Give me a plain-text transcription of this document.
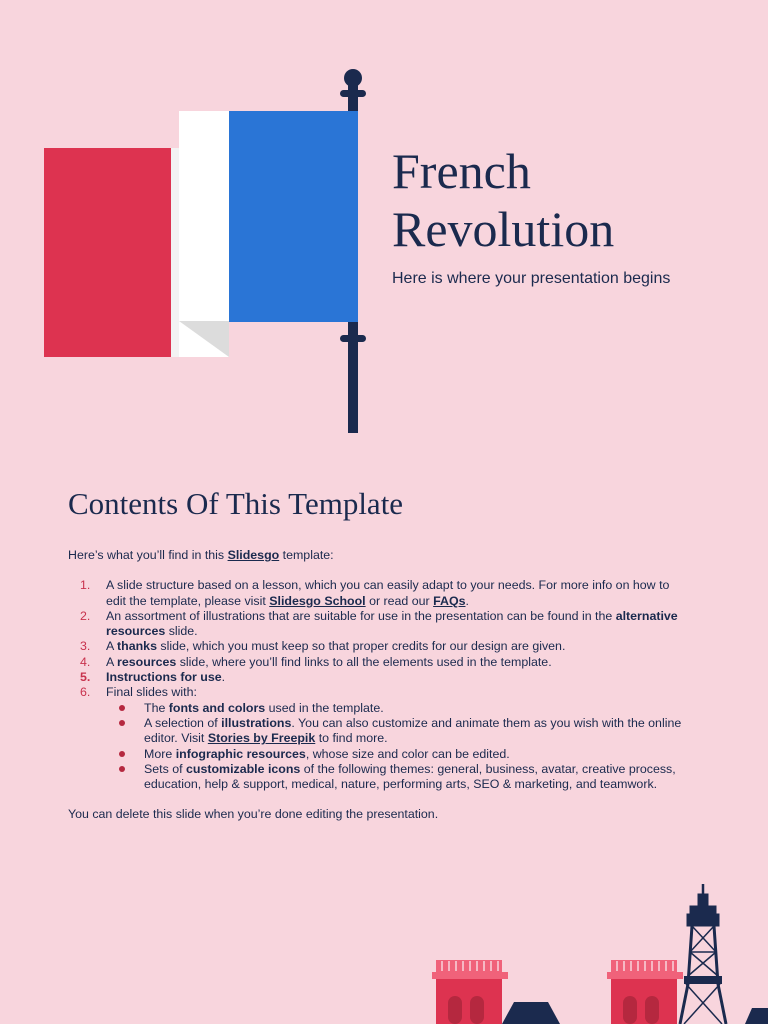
French
Revolution

Here is where your presentation begins

Contents Of This Template

Here’s what you’ll find in this Slidesgo template:

1. A slide structure based on a lesson, which you can easily adapt to your needs. For more info on how to edit the template, please visit Slidesgo School or read our FAQs.
2. An assortment of illustrations that are suitable for use in the presentation can be found in the alternative resources slide.
3. A thanks slide, which you must keep so that proper credits for our design are given.
4. A resources slide, where you’ll find links to all the elements used in the template.
5. Instructions for use.
6. Final slides with:
The fonts and colors used in the template.
A selection of illustrations. You can also customize and animate them as you wish with the online editor. Visit Stories by Freepik to find more.
More infographic resources, whose size and color can be edited.
Sets of customizable icons of the following themes: general, business, avatar, creative process, education, help & support, medical, nature, performing arts, SEO & marketing, and teamwork.

You can delete this slide when you’re done editing the presentation.
